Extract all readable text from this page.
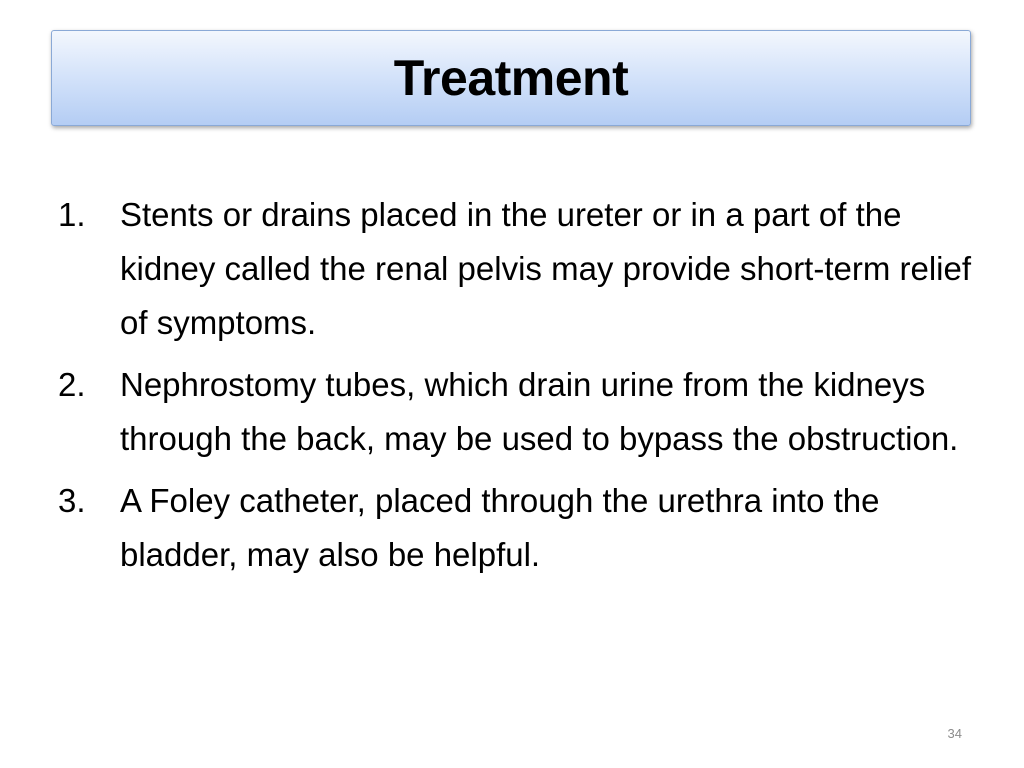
Treatment
1.	Stents or drains placed in the ureter or in a part of the kidney called the renal pelvis may provide short-term relief of symptoms.
2.	Nephrostomy tubes, which drain urine from the kidneys through the back, may be used to bypass the obstruction.
3.	A Foley catheter, placed through the urethra into the bladder, may also be helpful.
34
